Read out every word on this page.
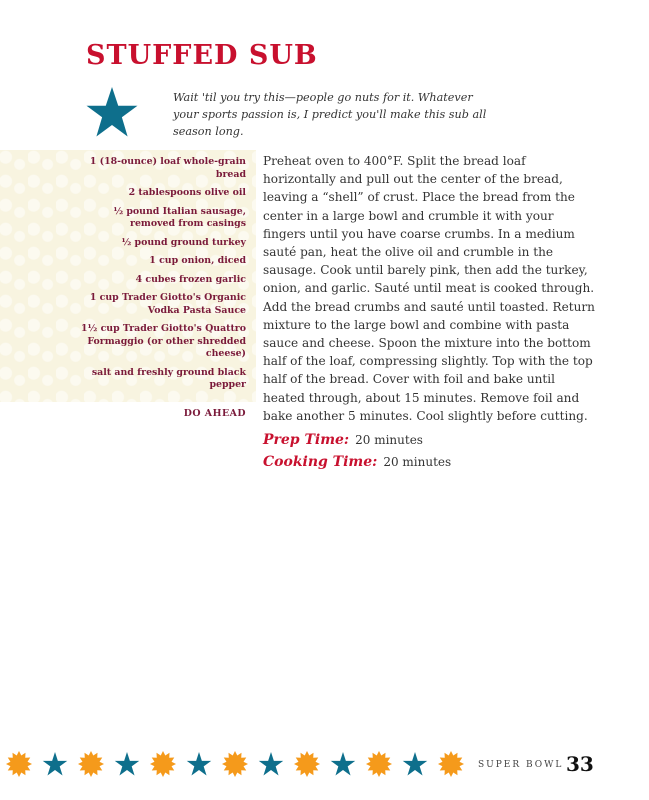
STUFFED SUB
Wait 'til you try this—people go nuts for it. Whatever your sports passion is, I predict you'll make this sub all season long.
1 (18-ounce) loaf whole-grain bread
2 tablespoons olive oil
½ pound Italian sausage, removed from casings
½ pound ground turkey
1 cup onion, diced
4 cubes frozen garlic
1 cup Trader Giotto's Organic Vodka Pasta Sauce
1½ cup Trader Giotto's Quattro Formaggio (or other shredded cheese)
salt and freshly ground black pepper
DO AHEAD
Preheat oven to 400°F. Split the bread loaf horizontally and pull out the center of the bread, leaving a “shell” of crust. Place the bread from the center in a large bowl and crumble it with your fingers until you have coarse crumbs. In a medium sauté pan, heat the olive oil and crumble in the sausage. Cook until barely pink, then add the turkey, onion, and garlic. Sauté until meat is cooked through. Add the bread crumbs and sauté until toasted. Return mixture to the large bowl and combine with pasta sauce and cheese. Spoon the mixture into the bottom half of the loaf, compressing slightly. Top with the top half of the bread. Cover with foil and bake until heated through, about 15 minutes. Remove foil and bake another 5 minutes. Cool slightly before cutting.
Prep Time: 20 minutes
Cooking Time: 20 minutes
SUPER BOWL 33
